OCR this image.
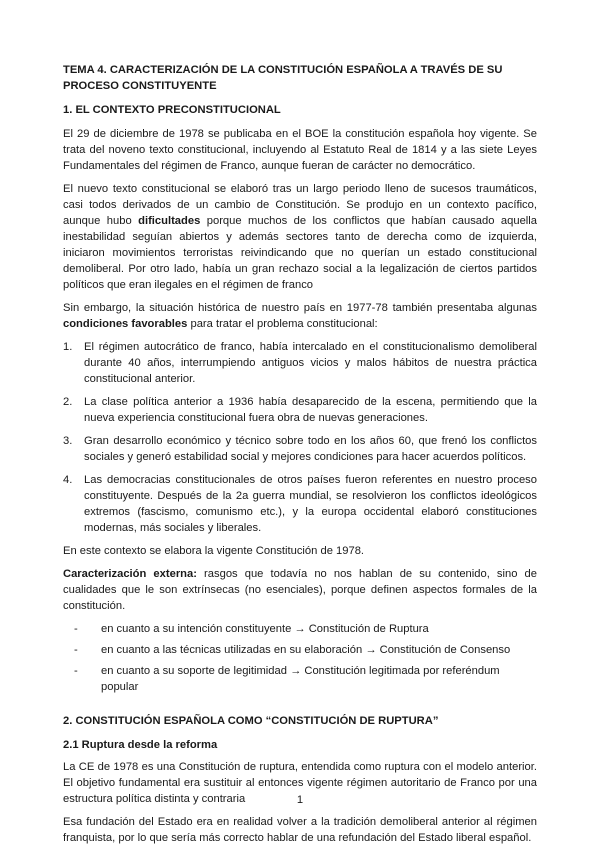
TEMA 4. CARACTERIZACIÓN DE LA CONSTITUCIÓN ESPAÑOLA A TRAVÉS DE SU PROCESO CONSTITUYENTE

1. EL CONTEXTO PRECONSTITUCIONAL

El 29 de diciembre de 1978 se publicaba en el BOE la constitución española hoy vigente. Se trata del noveno texto constitucional, incluyendo al Estatuto Real de 1814 y a las siete Leyes Fundamentales del régimen de Franco, aunque fueran de carácter no democrático.

El nuevo texto constitucional se elaboró tras un largo periodo lleno de sucesos traumáticos, casi todos derivados de un cambio de Constitución. Se produjo en un contexto pacífico, aunque hubo dificultades porque muchos de los conflictos que habían causado aquella inestabilidad seguían abiertos y además sectores tanto de derecha como de izquierda, iniciaron movimientos terroristas reivindicando que no querían un estado constitucional demoliberal. Por otro lado, había un gran rechazo social a la legalización de ciertos partidos políticos que eran ilegales en el régimen de franco

Sin embargo, la situación histórica de nuestro país en 1977-78 también presentaba algunas condiciones favorables para tratar el problema constitucional:

1.	El régimen autocrático de franco, había intercalado en el constitucionalismo demoliberal durante 40 años, interrumpiendo antiguos vicios y malos hábitos de nuestra práctica constitucional anterior.
2.	La clase política anterior a 1936 había desaparecido de la escena, permitiendo que la nueva experiencia constitucional fuera obra de nuevas generaciones.
3.	Gran desarrollo económico y técnico sobre todo en los años 60, que frenó los conflictos sociales y generó estabilidad social y mejores condiciones para hacer acuerdos políticos.
4.	Las democracias constitucionales de otros países fueron referentes en nuestro proceso constituyente. Después de la 2a guerra mundial, se resolvieron los conflictos ideológicos extremos (fascismo, comunismo etc.), y la europa occidental elaboró constituciones modernas, más sociales y liberales.

En este contexto se elabora la vigente Constitución de 1978.

Caracterización externa: rasgos que todavía no nos hablan de su contenido, sino de cualidades que le son extrínsecas (no esenciales), porque definen aspectos formales de la constitución.

-	en cuanto a su intención constituyente → Constitución de Ruptura
-	en cuanto a las técnicas utilizadas en su elaboración → Constitución de Consenso
-	en cuanto a su soporte de legitimidad → Constitución legitimada por referéndum popular

2. CONSTITUCIÓN ESPAÑOLA COMO “CONSTITUCIÓN DE RUPTURA”

2.1 Ruptura desde la reforma

La CE de 1978 es una Constitución de ruptura, entendida como ruptura con el modelo anterior. El objetivo fundamental era sustituir al entonces vigente régimen autoritario de Franco por una estructura política distinta y contraria

Esa fundación del Estado era en realidad volver a la tradición demoliberal anterior al régimen franquista, por lo que sería más correcto hablar de una refundación del Estado liberal español.

1
